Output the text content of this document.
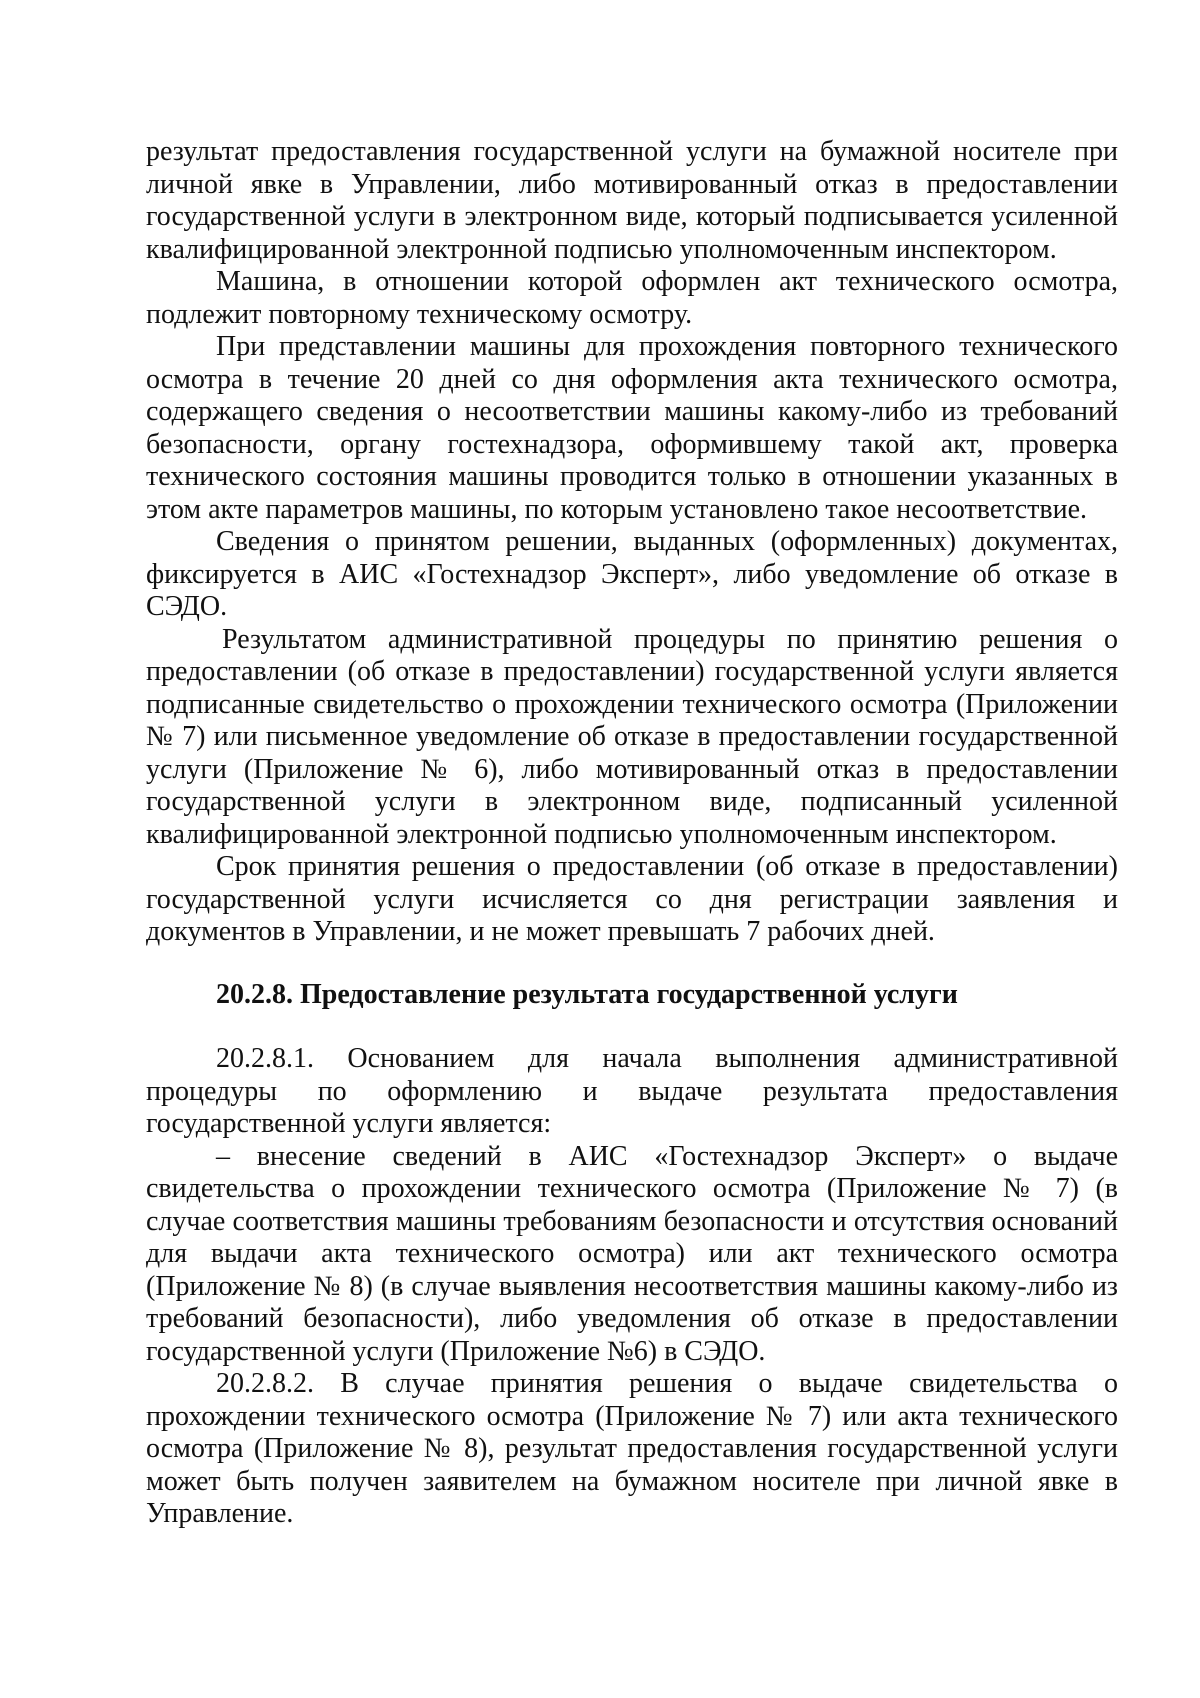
результат предоставления государственной услуги на бумажной носителе при личной явке в Управлении, либо мотивированный отказ в предоставлении государственной услуги в электронном виде, который подписывается усиленной квалифицированной электронной подписью уполномоченным инспектором.

Машина, в отношении которой оформлен акт технического осмотра, подлежит повторному техническому осмотру.

При представлении машины для прохождения повторного технического осмотра в течение 20 дней со дня оформления акта технического осмотра, содержащего сведения о несоответствии машины какому-либо из требований безопасности, органу гостехнадзора, оформившему такой акт, проверка технического состояния машины проводится только в отношении указанных в этом акте параметров машины, по которым установлено такое несоответствие.

Сведения о принятом решении, выданных (оформленных) документах, фиксируется в АИС «Гостехнадзор Эксперт», либо уведомление об отказе в СЭДО.

Результатом административной процедуры по принятию решения о предоставлении (об отказе в предоставлении) государственной услуги является подписанные свидетельство о прохождении технического осмотра (Приложении № 7) или письменное уведомление об отказе в предоставлении государственной услуги (Приложение № 6), либо мотивированный отказ в предоставлении государственной услуги в электронном виде, подписанный усиленной квалифицированной электронной подписью уполномоченным инспектором.

Срок принятия решения о предоставлении (об отказе в предоставлении) государственной услуги исчисляется со дня регистрации заявления и документов в Управлении, и не может превышать 7 рабочих дней.

20.2.8. Предоставление результата государственной услуги

20.2.8.1. Основанием для начала выполнения административной процедуры по оформлению и выдаче результата предоставления государственной услуги является:

– внесение сведений в АИС «Гостехнадзор Эксперт» о выдаче свидетельства о прохождении технического осмотра (Приложение № 7) (в случае соответствия машины требованиям безопасности и отсутствия оснований для выдачи акта технического осмотра) или акт технического осмотра (Приложение № 8) (в случае выявления несоответствия машины какому-либо из требований безопасности), либо уведомления об отказе в предоставлении государственной услуги (Приложение №6) в СЭДО.

20.2.8.2. В случае принятия решения о выдаче свидетельства о прохождении технического осмотра (Приложение № 7) или акта технического осмотра (Приложение № 8), результат предоставления государственной услуги может быть получен заявителем на бумажном носителе при личной явке в Управление.
